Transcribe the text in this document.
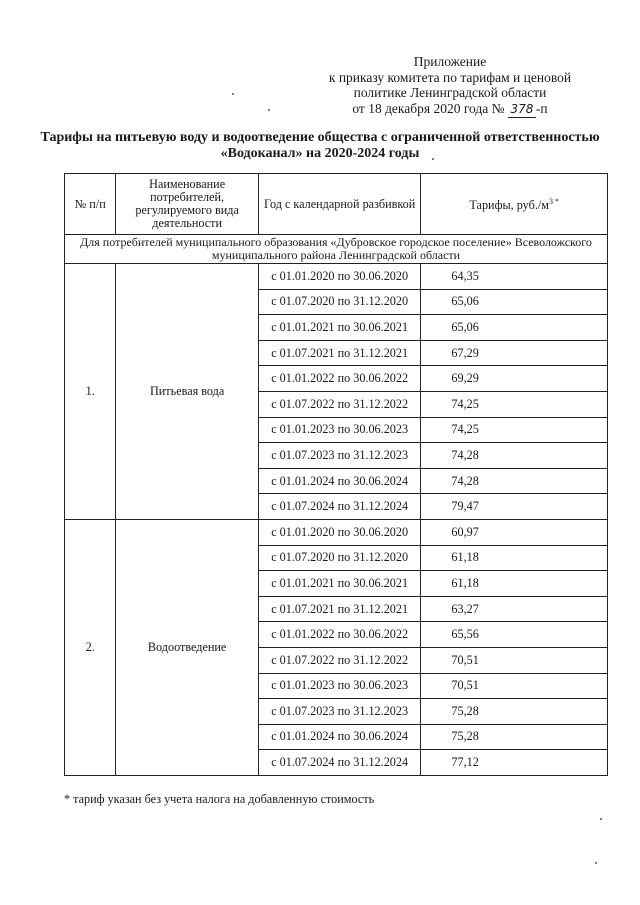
Приложение
к приказу комитета по тарифам и ценовой
политике Ленинградской области
от 18 декабря 2020 года № 378 -п
Тарифы на питьевую воду и водоотведение общества с ограниченной ответственностью
«Водоканал» на 2020-2024 годы
№ п/п	Наименование потребителей, регулируемого вида деятельности	Год с календарной разбивкой	Тарифы, $руб./м^{3 *}$
Для потребителей муниципального образования «Дубровское городское поселение» Всеволожского муниципального района Ленинградской области			
1.	Питьевая вода	с 01.01.2020 по 30.06.2020	64,35
		с 01.07.2020 по 31.12.2020	65,06
		с 01.01.2021 по 30.06.2021	65,06
		с 01.07.2021 по 31.12.2021	67,29
		с 01.01.2022 по 30.06.2022	69,29
		с 01.07.2022 по 31.12.2022	74,25
		с 01.01.2023 по 30.06.2023	74,25
		с 01.07.2023 по 31.12.2023	74,28
		с 01.01.2024 по 30.06.2024	74,28
		с 01.07.2024 по 31.12.2024	79,47
2.	Водоотведение	с 01.01.2020 по 30.06.2020	60,97
		с 01.07.2020 по 31.12.2020	61,18
		с 01.01.2021 по 30.06.2021	61,18
		с 01.07.2021 по 31.12.2021	63,27
		с 01.01.2022 по 30.06.2022	65,56
		с 01.07.2022 по 31.12.2022	70,51
		с 01.01.2023 по 30.06.2023	70,51
		с 01.07.2023 по 31.12.2023	75,28
		с 01.01.2024 по 30.06.2024	75,28
		с 01.07.2024 по 31.12.2024	77,12
* тариф указан без учета налога на добавленную стоимость
